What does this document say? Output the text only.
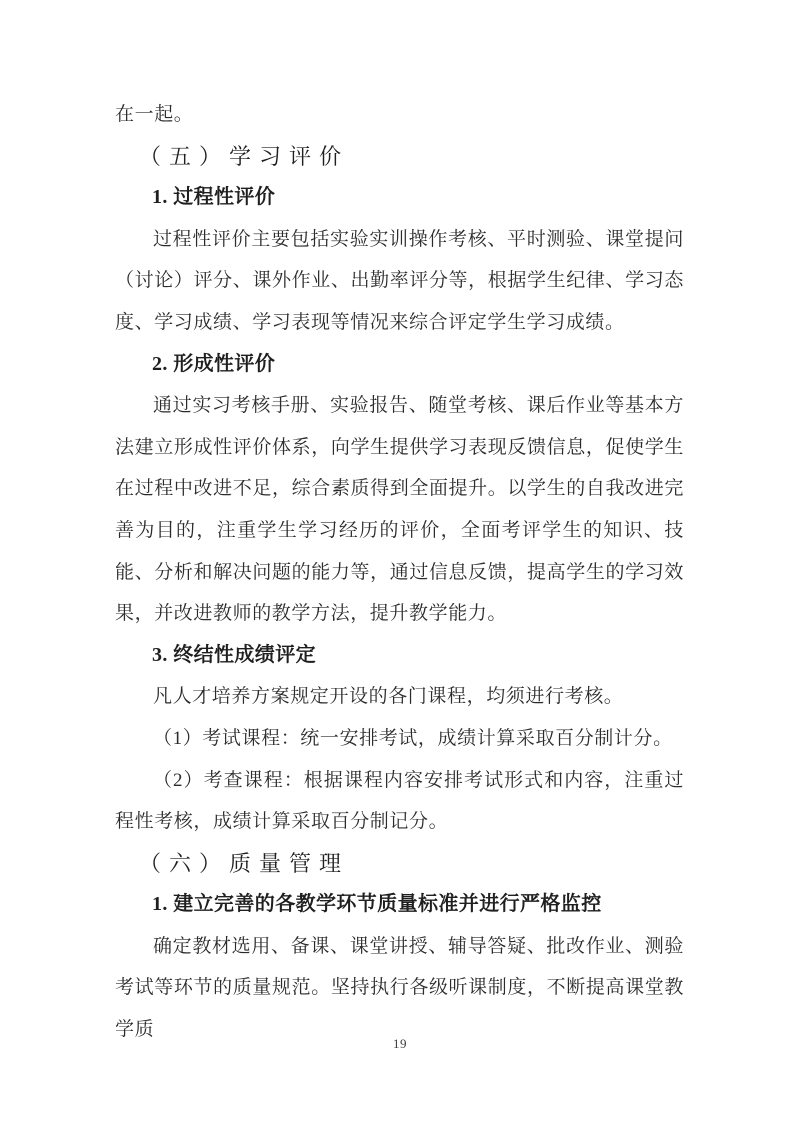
在一起。

（五）学习评价
1. 过程性评价

过程性评价主要包括实验实训操作考核、平时测验、课堂提问（讨论）评分、课外作业、出勤率评分等，根据学生纪律、学习态度、学习成绩、学习表现等情况来综合评定学生学习成绩。

2. 形成性评价

通过实习考核手册、实验报告、随堂考核、课后作业等基本方法建立形成性评价体系，向学生提供学习表现反馈信息，促使学生在过程中改进不足，综合素质得到全面提升。以学生的自我改进完善为目的，注重学生学习经历的评价，全面考评学生的知识、技能、分析和解决问题的能力等，通过信息反馈，提高学生的学习效果，并改进教师的教学方法，提升教学能力。

3. 终结性成绩评定

凡人才培养方案规定开设的各门课程，均须进行考核。

（1）考试课程：统一安排考试，成绩计算采取百分制计分。

（2）考查课程：根据课程内容安排考试形式和内容，注重过程性考核，成绩计算采取百分制记分。

（六）质量管理
1. 建立完善的各教学环节质量标准并进行严格监控

确定教材选用、备课、课堂讲授、辅导答疑、批改作业、测验考试等环节的质量规范。坚持执行各级听课制度，不断提高课堂教学质

19
